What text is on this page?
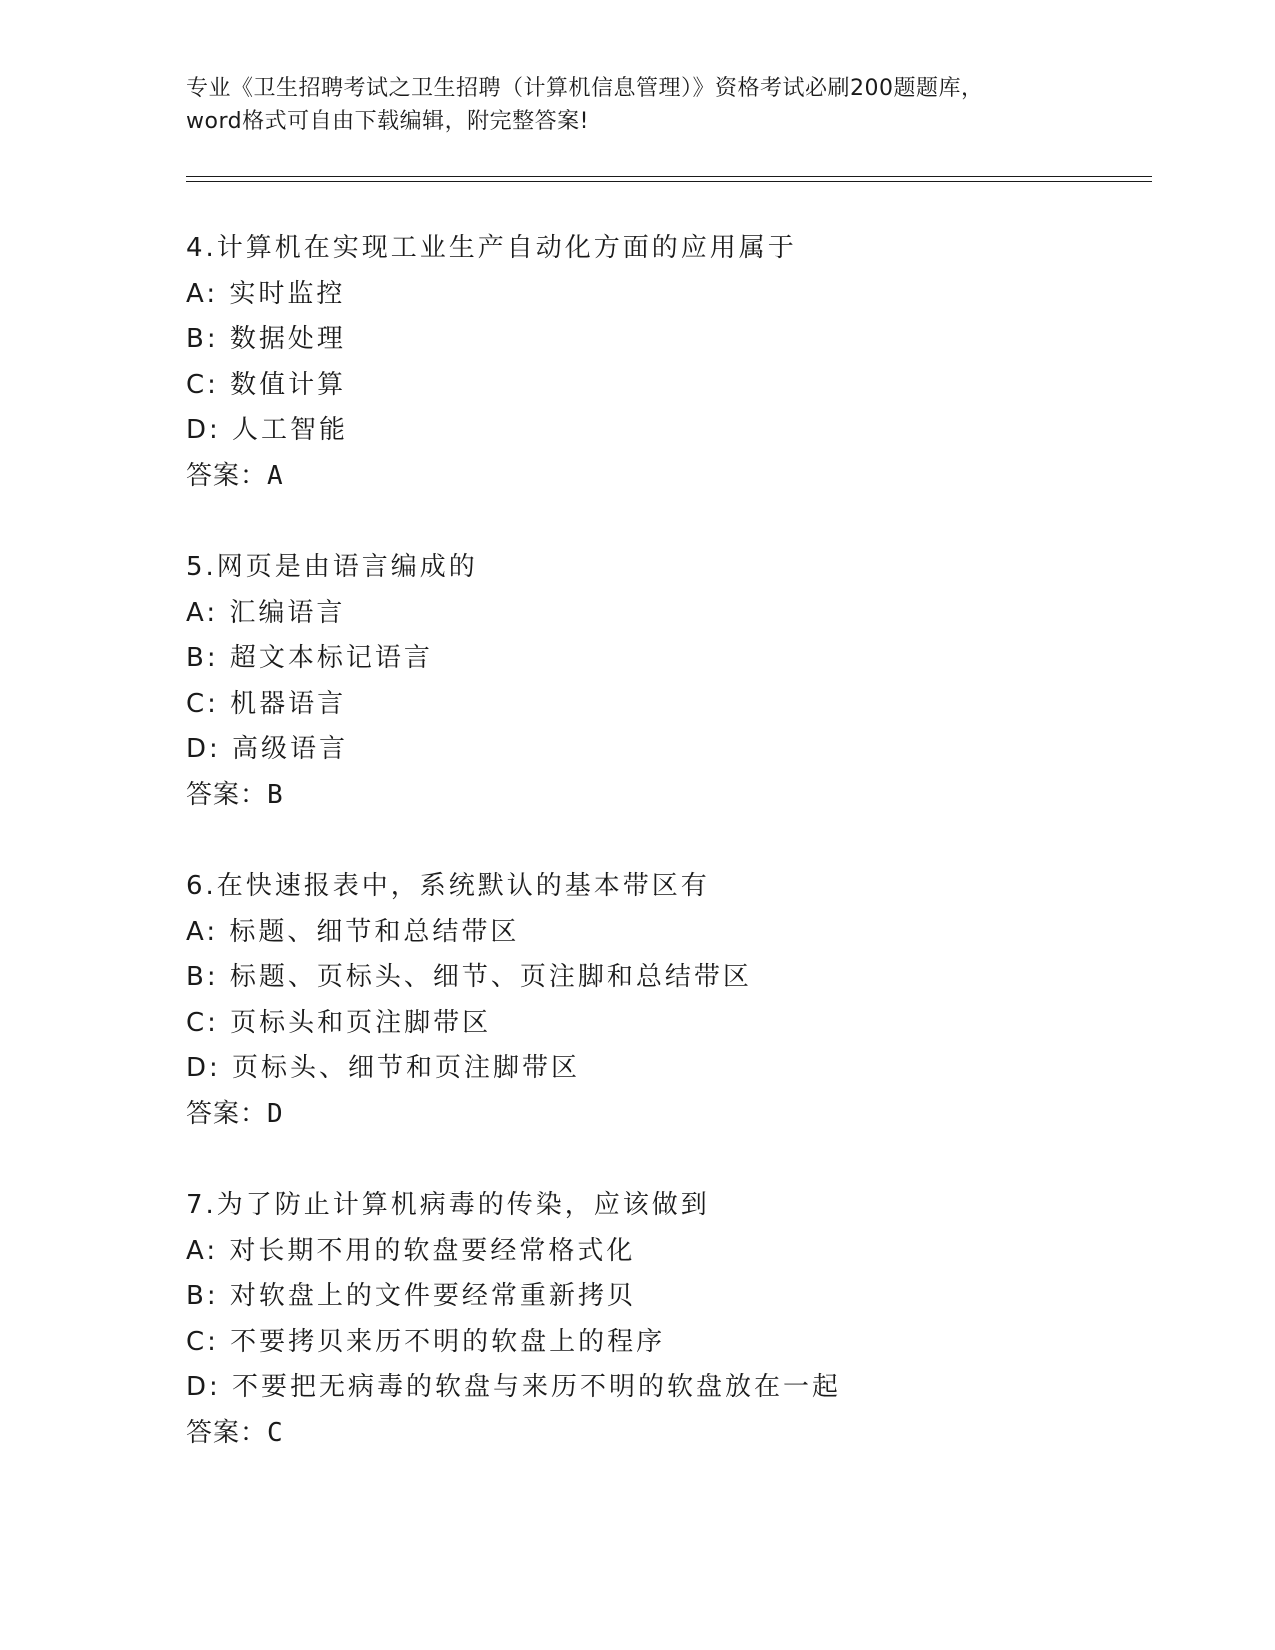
专业《卫生招聘考试之卫生招聘（计算机信息管理）》资格考试必刷200题题库，
word格式可自由下载编辑，附完整答案!
4.计算机在实现工业生产自动化方面的应用属于
A: 实时监控
B: 数据处理
C: 数值计算
D: 人工智能
答案：A
5.网页是由语言编成的
A: 汇编语言
B: 超文本标记语言
C: 机器语言
D: 高级语言
答案：B
6.在快速报表中，系统默认的基本带区有
A: 标题、细节和总结带区
B: 标题、页标头、细节、页注脚和总结带区
C: 页标头和页注脚带区
D: 页标头、细节和页注脚带区
答案：D
7.为了防止计算机病毒的传染，应该做到
A: 对长期不用的软盘要经常格式化
B: 对软盘上的文件要经常重新拷贝
C: 不要拷贝来历不明的软盘上的程序
D: 不要把无病毒的软盘与来历不明的软盘放在一起
答案：C
